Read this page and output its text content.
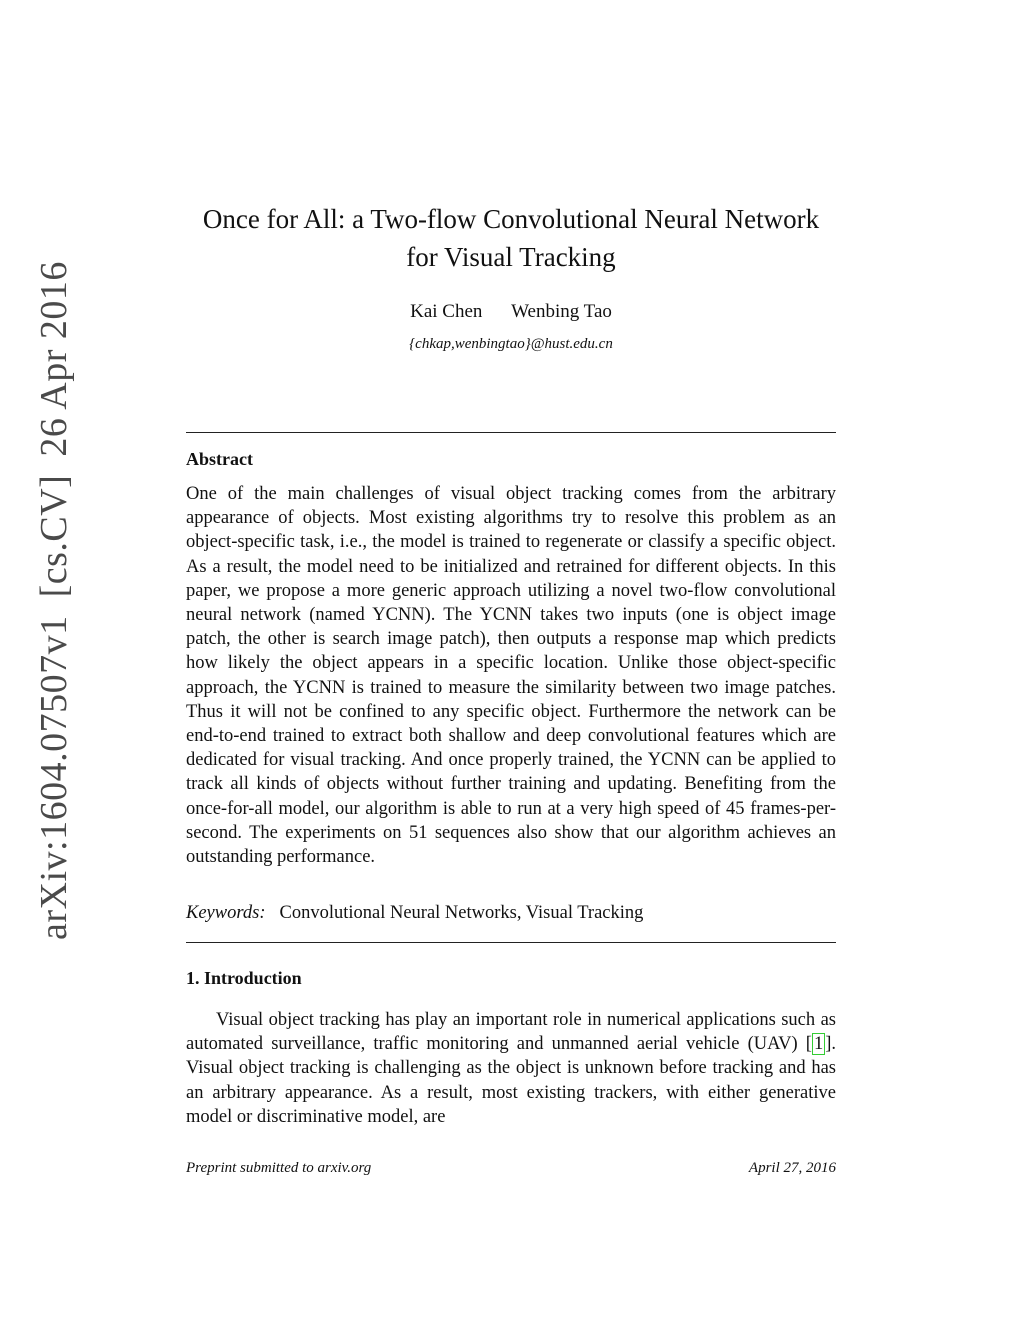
arXiv:1604.07507v1[cs.CV]26 Apr 2016
Once for All: a Two-flow Convolutional Neural Network for Visual Tracking
Kai Chen Wenbing Tao
{chkap,wenbingtao}@hust.edu.cn
Abstract
One of the main challenges of visual object tracking comes from the arbitrary appearance of objects. Most existing algorithms try to resolve this problem as an object-specific task, i.e., the model is trained to regenerate or classify a specific object. As a result, the model need to be initialized and retrained for different objects. In this paper, we propose a more generic approach utilizing a novel two-flow convolutional neural network (named YCNN). The YCNN takes two inputs (one is object image patch, the other is search image patch), then outputs a response map which predicts how likely the object appears in a specific location. Unlike those object-specific approach, the YCNN is trained to measure the similarity between two image patches. Thus it will not be confined to any specific object. Furthermore the network can be end-to-end trained to extract both shallow and deep convolutional features which are dedicated for visual tracking. And once properly trained, the YCNN can be applied to track all kinds of objects without further training and updating. Benefiting from the once-for-all model, our algorithm is able to run at a very high speed of 45 frames-per-second. The experiments on 51 sequences also show that our algorithm achieves an outstanding performance.
Keywords: Convolutional Neural Networks, Visual Tracking
1. Introduction
Visual object tracking has play an important role in numerical applications such as automated surveillance, traffic monitoring and unmanned aerial vehicle (UAV) [ 1 ]. Visual object tracking is challenging as the object is unknown before tracking and has an arbitrary appearance. As a result, most existing trackers, with either generative model or discriminative model, are
Preprint submitted to arxiv.org	April 27, 2016
